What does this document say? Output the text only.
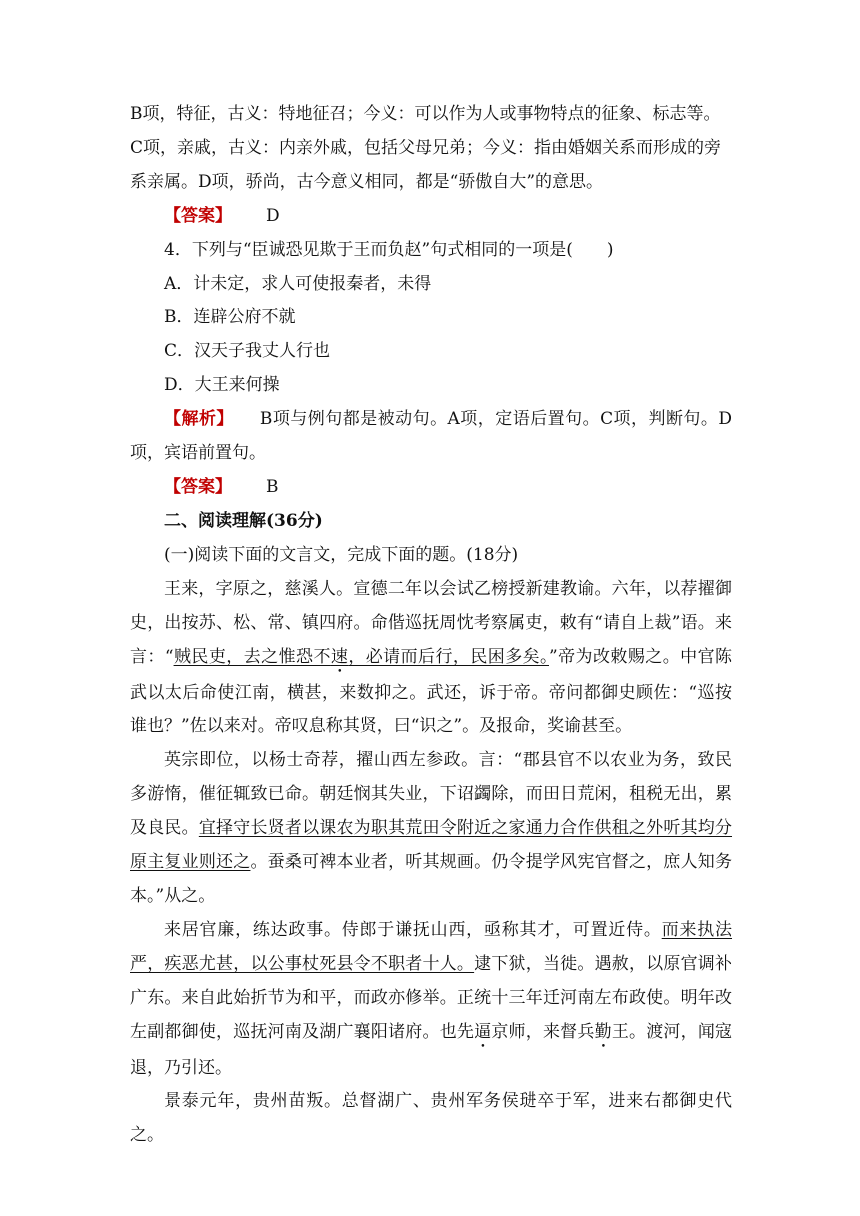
B项，特征，古义：特地征召；今义：可以作为人或事物特点的征象、标志等。
C项，亲戚，古义：内亲外戚，包括父母兄弟；今义：指由婚姻关系而形成的旁
系亲属。D项，骄尚，古今意义相同，都是“骄傲自大”的意思。

【答案】 D

4．下列与“臣诚恐见欺于王而负赵”句式相同的一项是(　　)

A．计未定，求人可使报秦者，未得

B．连辟公府不就

C．汉天子我丈人行也

D．大王来何操

【解析】 B项与例句都是被动句。A项，定语后置句。C项，判断句。D项，宾语前置句。

【答案】 B

二、阅读理解(36分)

(一)阅读下面的文言文，完成下面的题。(18分)

王来，字原之，慈溪人。宣德二年以会试乙榜授新建教谕。六年，以荐擢御史，出按苏、松、常、镇四府。命偕巡抚周忱考察属吏，敕有“请自上裁”语。来言：“贼民吏，去之惟恐不速，必请而后行，民困多矣。”帝为改敕赐之。中官陈武以太后命使江南，横甚，来数抑之。武还，诉于帝。帝问都御史顾佐：“巡按谁也？”佐以来对。帝叹息称其贤，曰“识之”。及报命，奖谕甚至。

英宗即位，以杨士奇荐，擢山西左参政。言：“郡县官不以农业为务，致民多游惰，催征辄致已命。朝廷悯其失业，下诏蠲除，而田日荒闲，租税无出，累及良民。宜择守长贤者以课农为职其荒田令附近之家通力合作供租之外听其均分原主复业则还之。蚕桑可裨本业者，听其规画。仍令提学风宪官督之，庶人知务本。”从之。

来居官廉，练达政事。侍郎于谦抚山西，亟称其才，可置近侍。而来执法严，疾恶尤甚，以公事杖死县令不职者十人。逮下狱，当徙。遇赦，以原官调补广东。来自此始折节为和平，而政亦修举。正统十三年迁河南左布政使。明年改左副都御使，巡抚河南及湖广襄阳诸府。也先逼京师，来督兵勤王。渡河，闻寇退，乃引还。

景泰元年，贵州苗叛。总督湖广、贵州军务侯琎卒于军，进来右都御史代之。
